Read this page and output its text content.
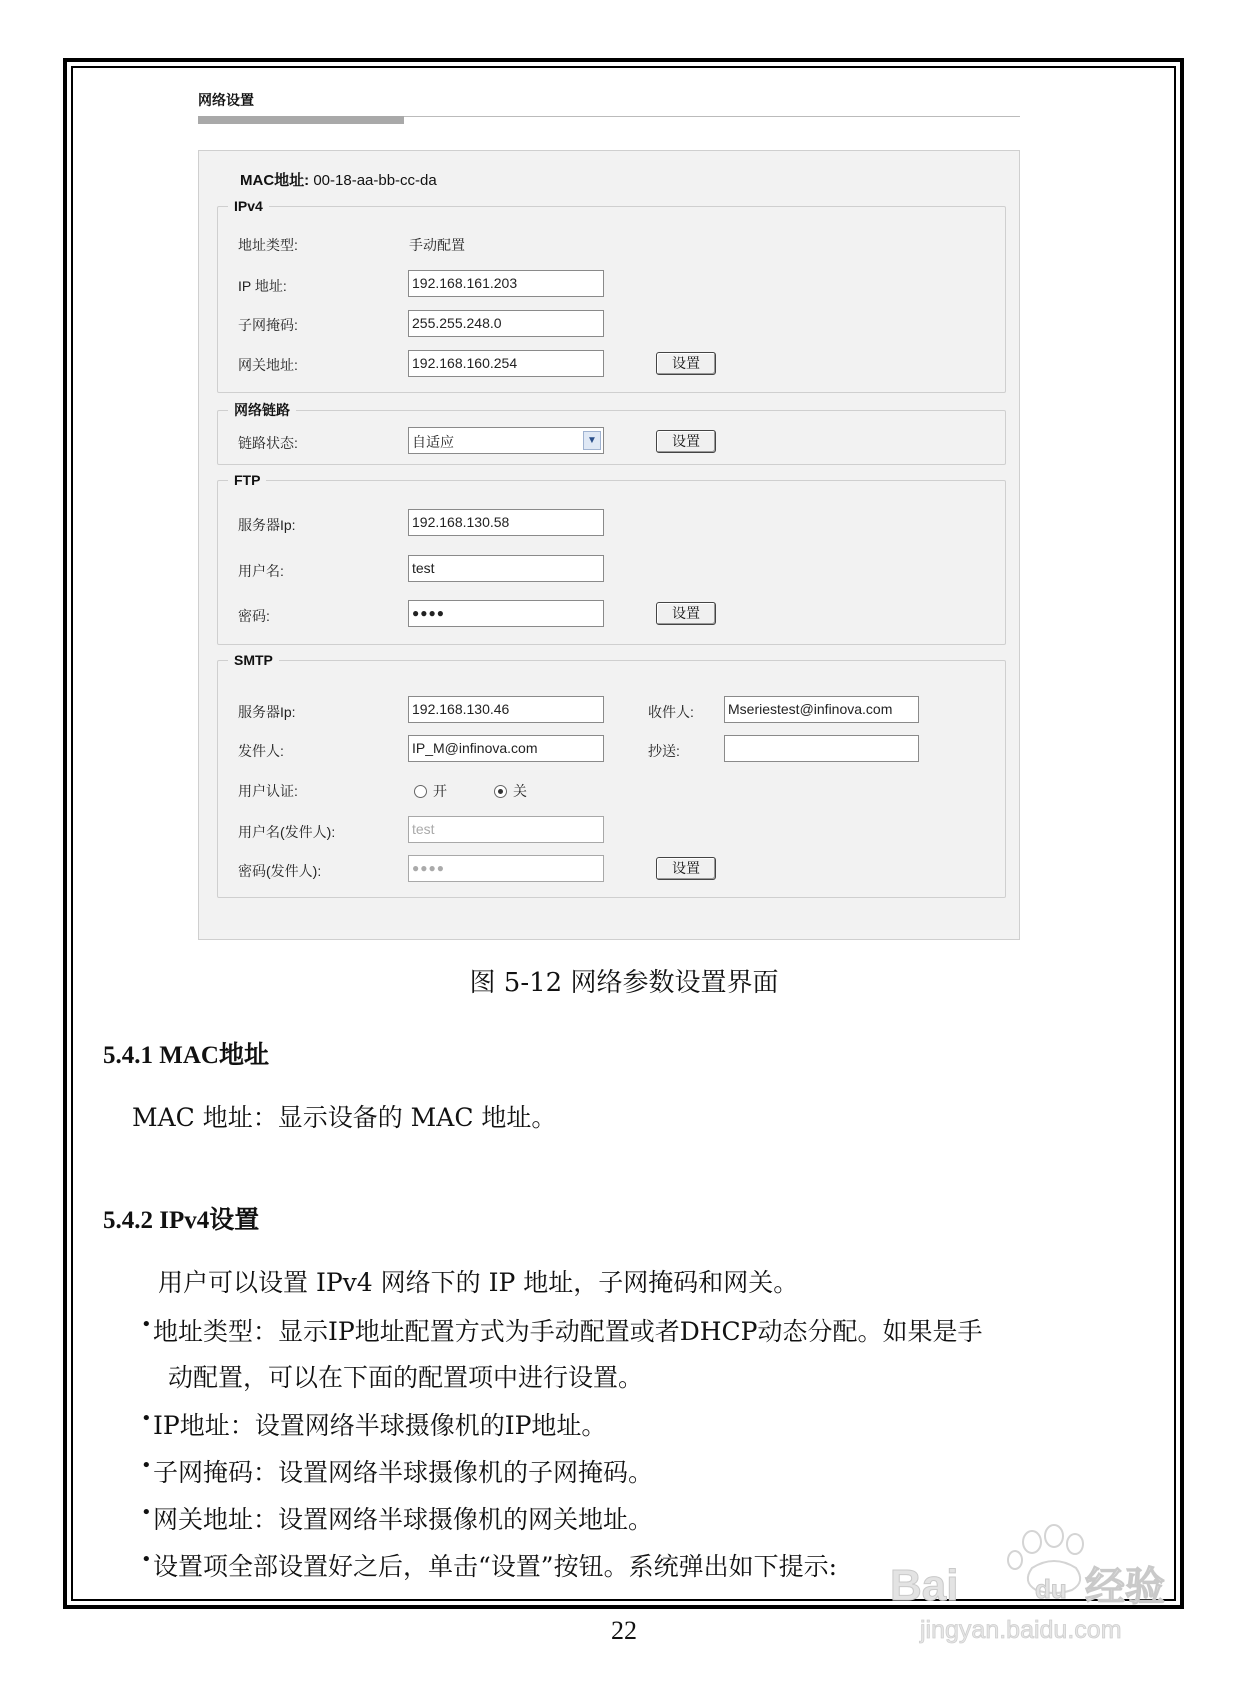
网络设置
MAC地址: 00-18-aa-bb-cc-da
IPv4
地址类型:	手动配置
IP 地址:	192.168.161.203
子网掩码:	255.255.248.0
网关地址:	192.168.160.254	设置
网络链路
链路状态:	自适应	▼	设置
FTP
服务器Ip:	192.168.130.58
用户名:	test
密码:	●●●●	设置
SMTP
服务器Ip:	192.168.130.46	收件人: Mseriestest@infinova.com
发件人:	IP_M@infinova.com	抄送:
用户认证:	开	关
用户名(发件人):	test
密码(发件人):	●●●●	设置
图 5-12 网络参数设置界面
5.4.1 MAC地址
MAC 地址：显示设备的 MAC 地址。
5.4.2 IPv4设置
用户可以设置 IPv4 网络下的 IP 地址，子网掩码和网关。
• 地址类型：显示IP地址配置方式为手动配置或者DHCP动态分配。如果是手
动配置，可以在下面的配置项中进行设置。
• IP地址：设置网络半球摄像机的IP地址。
• 子网掩码：设置网络半球摄像机的子网掩码。
• 网关地址：设置网络半球摄像机的网关地址。
• 设置项全部设置好之后，单击“设置”按钮。系统弹出如下提示:
22
Bai	du 经验
jingyan.baidu.com
